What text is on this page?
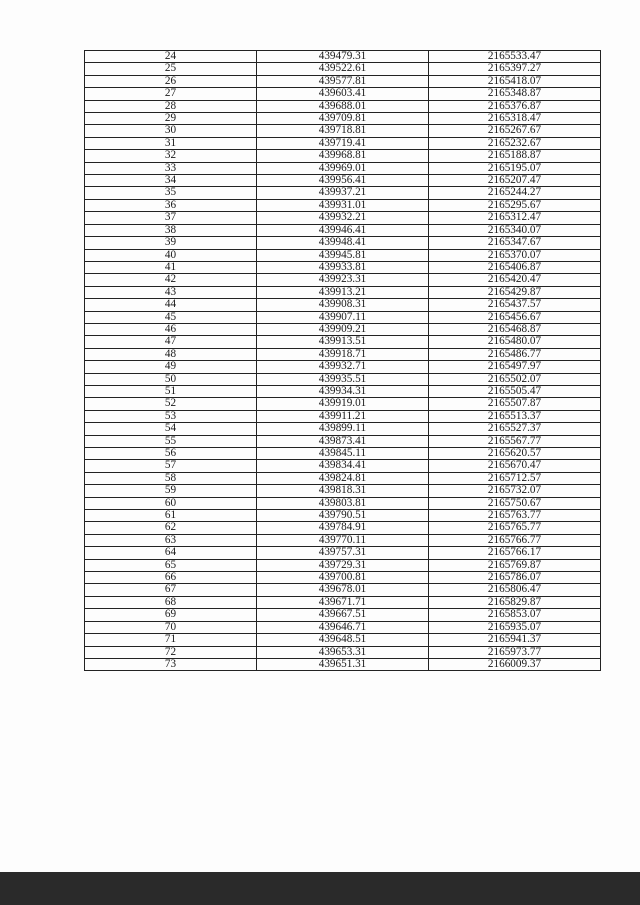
24	439479.31	2165533.47
25	439522.61	2165397.27
26	439577.81	2165418.07
27	439603.41	2165348.87
28	439688.01	2165376.87
29	439709.81	2165318.47
30	439718.81	2165267.67
31	439719.41	2165232.67
32	439968.81	2165188.87
33	439969.01	2165195.07
34	439956.41	2165207.47
35	439937.21	2165244.27
36	439931.01	2165295.67
37	439932.21	2165312.47
38	439946.41	2165340.07
39	439948.41	2165347.67
40	439945.81	2165370.07
41	439933.81	2165406.87
42	439923.31	2165420.47
43	439913.21	2165429.87
44	439908.31	2165437.57
45	439907.11	2165456.67
46	439909.21	2165468.87
47	439913.51	2165480.07
48	439918.71	2165486.77
49	439932.71	2165497.97
50	439935.51	2165502.07
51	439934.31	2165505.47
52	439919.01	2165507.87
53	439911.21	2165513.37
54	439899.11	2165527.37
55	439873.41	2165567.77
56	439845.11	2165620.57
57	439834.41	2165670.47
58	439824.81	2165712.57
59	439818.31	2165732.07
60	439803.81	2165750.67
61	439790.51	2165763.77
62	439784.91	2165765.77
63	439770.11	2165766.77
64	439757.31	2165766.17
65	439729.31	2165769.87
66	439700.81	2165786.07
67	439678.01	2165806.47
68	439671.71	2165829.87
69	439667.51	2165853.07
70	439646.71	2165935.07
71	439648.51	2165941.37
72	439653.31	2165973.77
73	439651.31	2166009.37
